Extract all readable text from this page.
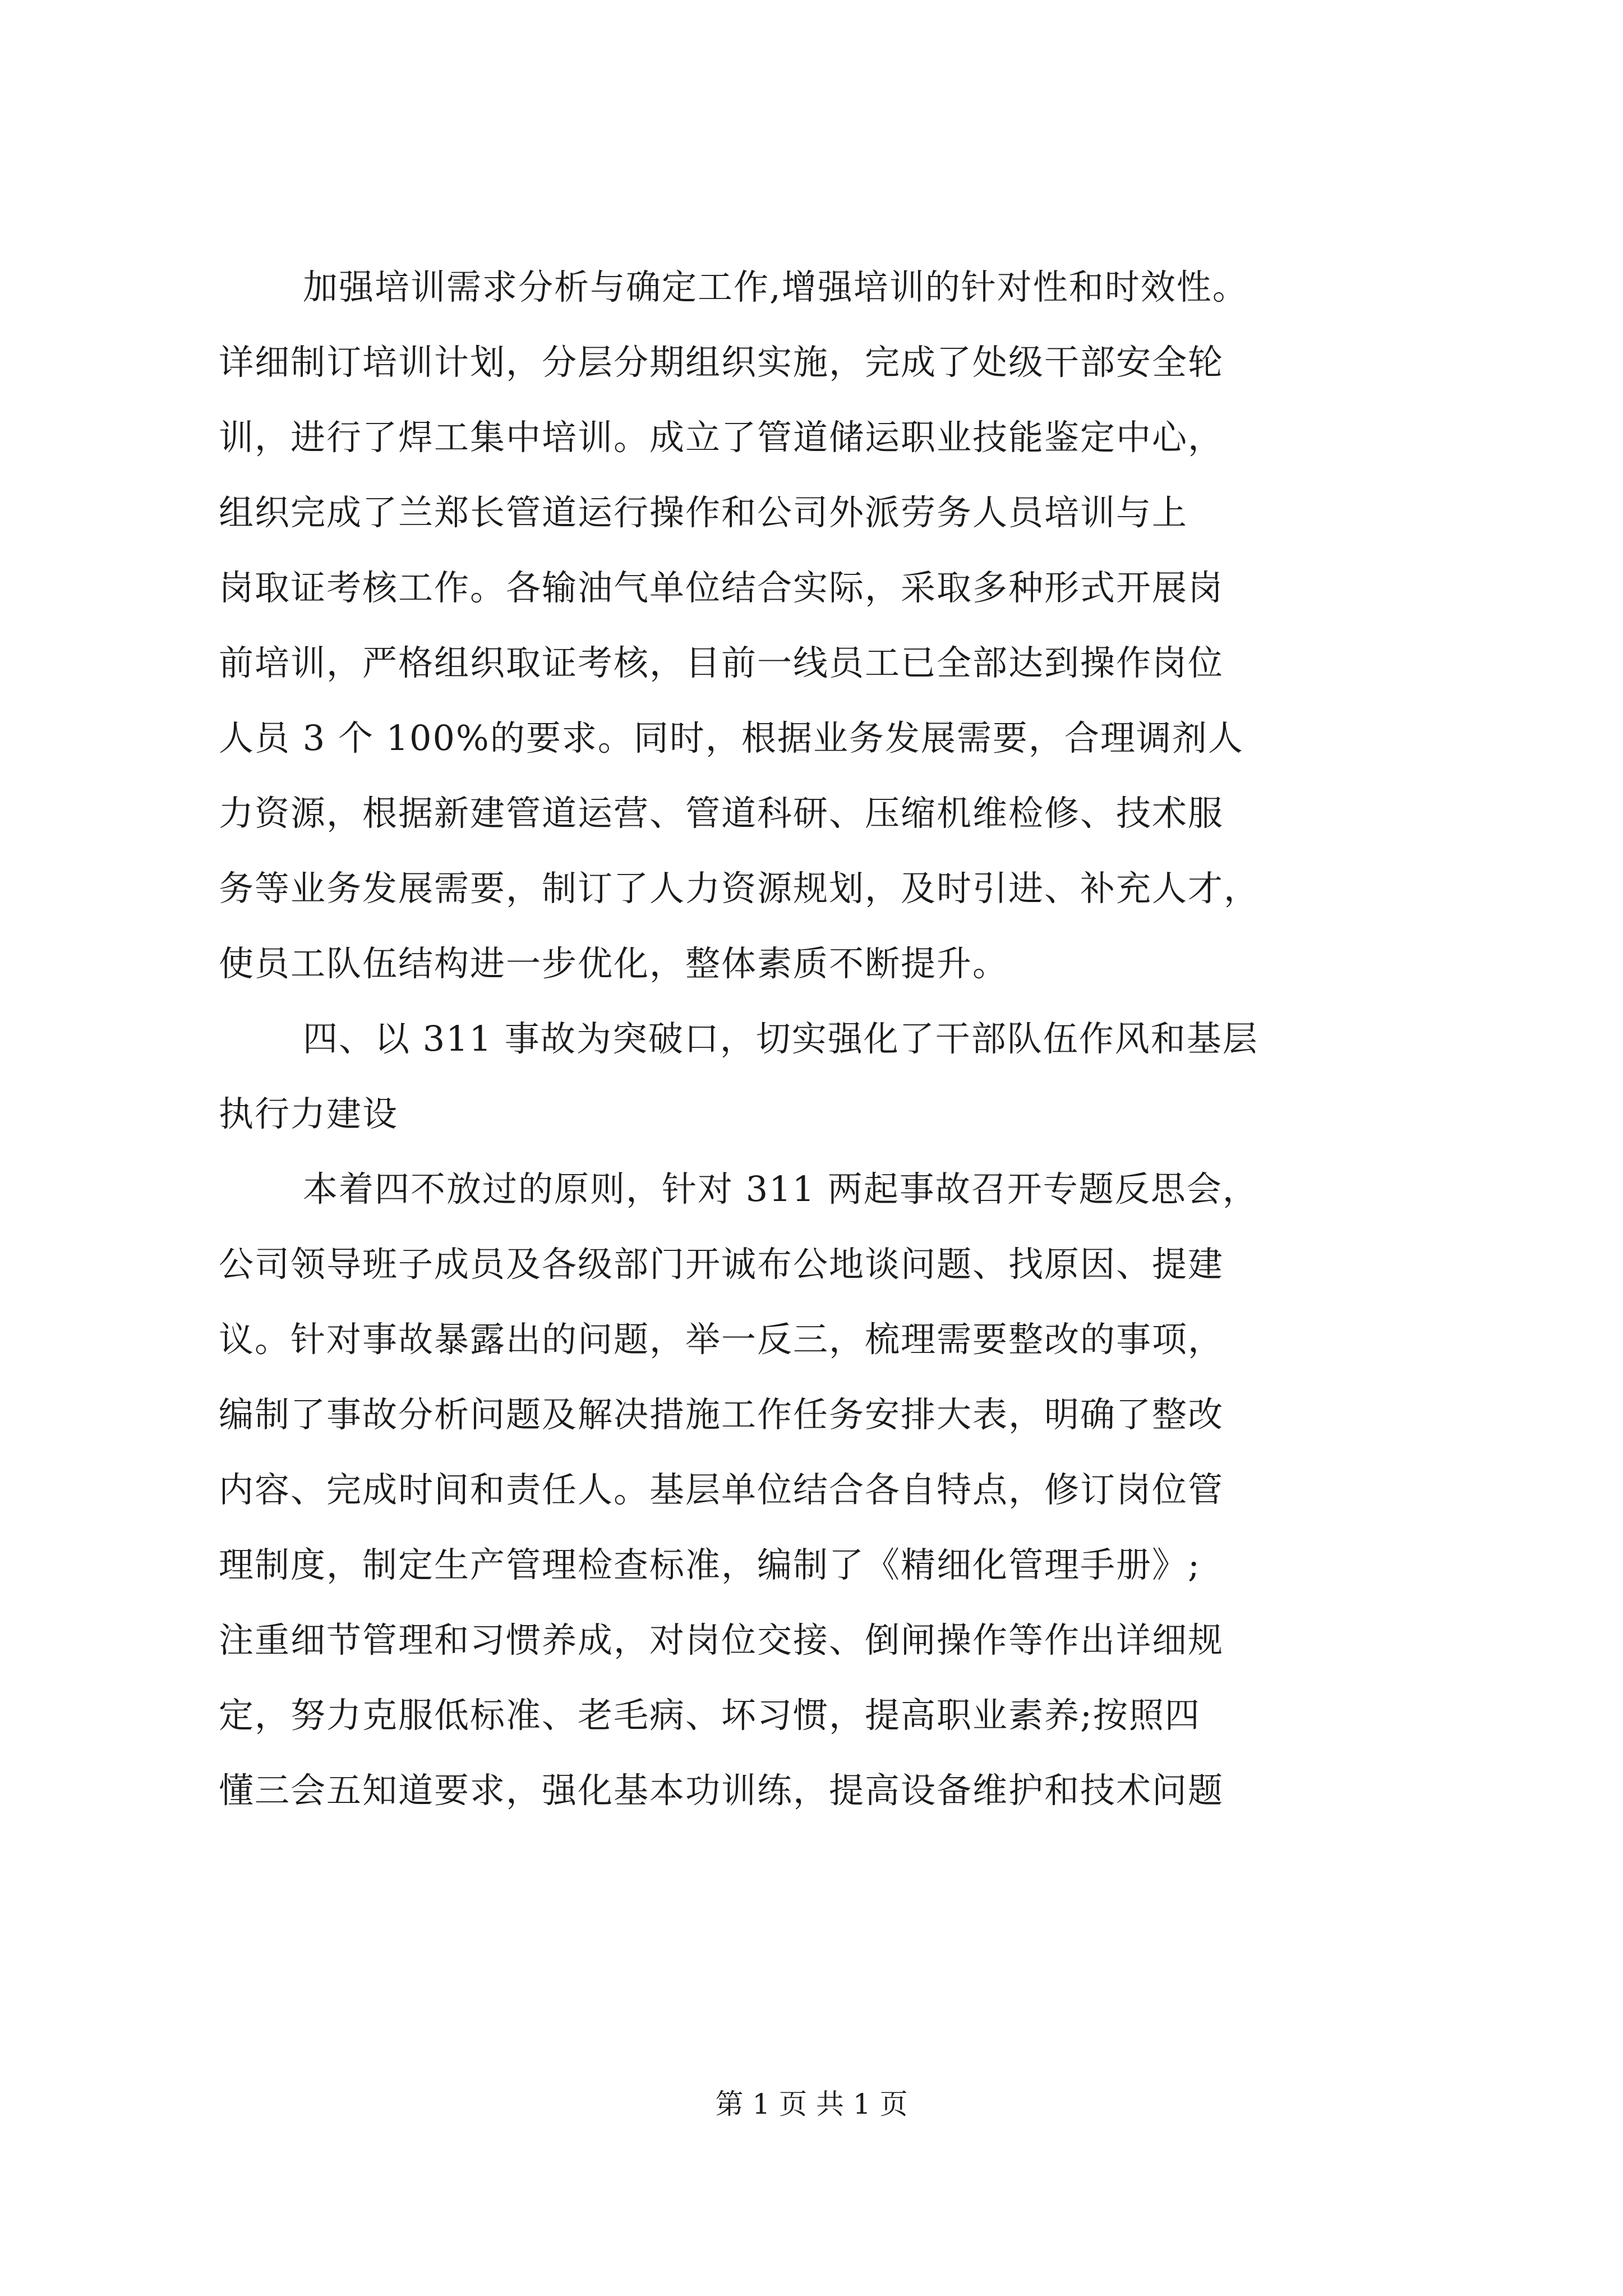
加强培训需求分析与确定工作,增强培训的针对性和时效性。
详细制订培训计划，分层分期组织实施，完成了处级干部安全轮
训，进行了焊工集中培训。成立了管道储运职业技能鉴定中心，
组织完成了兰郑长管道运行操作和公司外派劳务人员培训与上
岗取证考核工作。各输油气单位结合实际，采取多种形式开展岗
前培训，严格组织取证考核，目前一线员工已全部达到操作岗位
人员 3 个 100%的要求。同时，根据业务发展需要，合理调剂人
力资源，根据新建管道运营、管道科研、压缩机维检修、技术服
务等业务发展需要，制订了人力资源规划，及时引进、补充人才，
使员工队伍结构进一步优化，整体素质不断提升。
四、以 311 事故为突破口，切实强化了干部队伍作风和基层
执行力建设
本着四不放过的原则，针对 311 两起事故召开专题反思会，
公司领导班子成员及各级部门开诚布公地谈问题、找原因、提建
议。针对事故暴露出的问题，举一反三，梳理需要整改的事项，
编制了事故分析问题及解决措施工作任务安排大表，明确了整改
内容、完成时间和责任人。基层单位结合各自特点，修订岗位管
理制度，制定生产管理检查标准，编制了《精细化管理手册》;
注重细节管理和习惯养成，对岗位交接、倒闸操作等作出详细规
定，努力克服低标准、老毛病、坏习惯，提高职业素养;按照四
懂三会五知道要求，强化基本功训练，提高设备维护和技术问题
第 1 页 共 1 页
